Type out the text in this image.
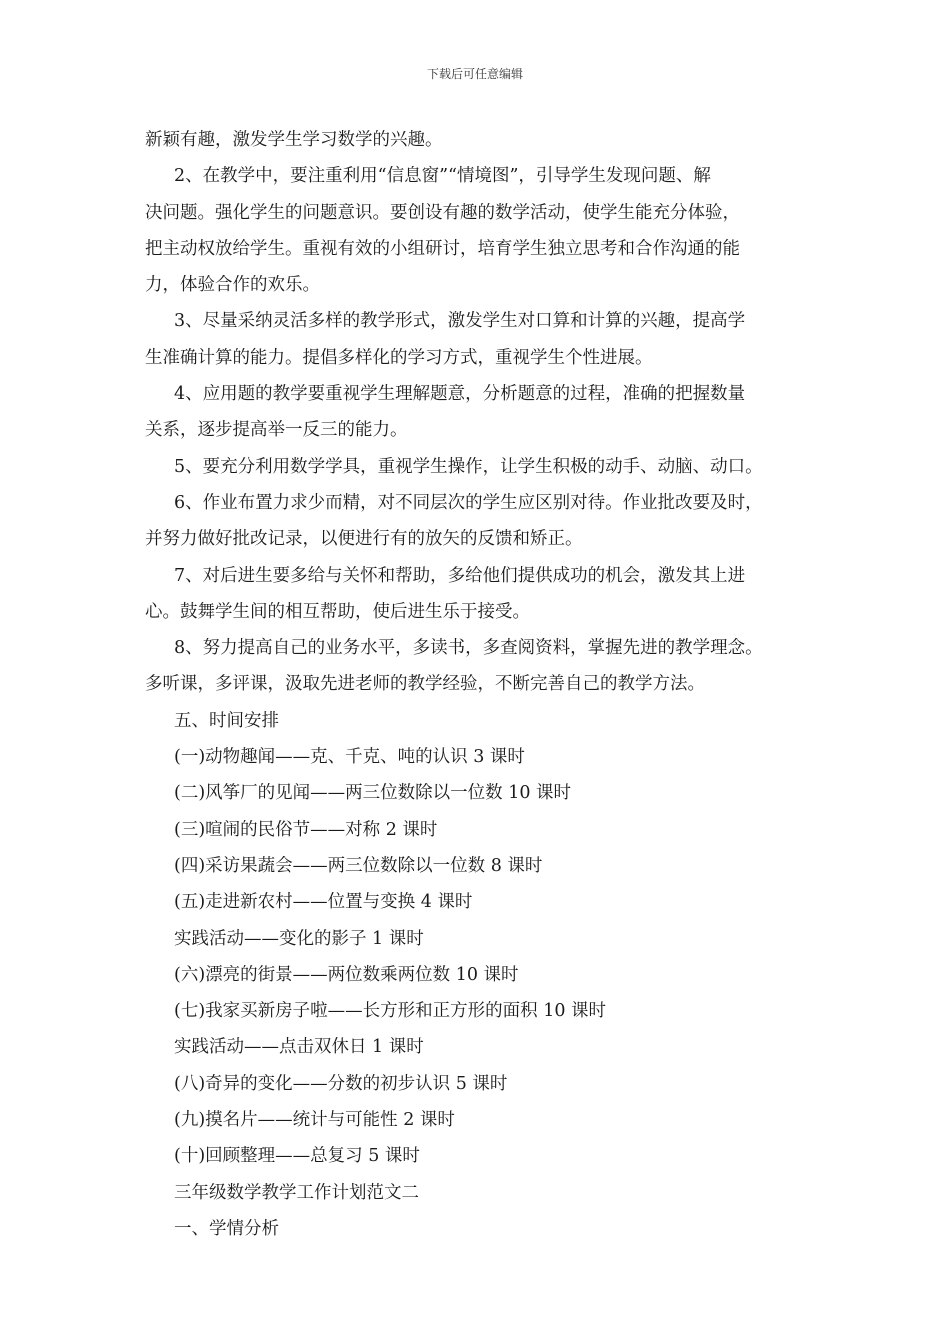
下载后可任意编辑
新颖有趣，激发学生学习数学的兴趣。
2、在教学中，要注重利用“信息窗”“情境图”，引导学生发现问题、解
决问题。强化学生的问题意识。要创设有趣的数学活动，使学生能充分体验，
把主动权放给学生。重视有效的小组研讨，培育学生独立思考和合作沟通的能
力，体验合作的欢乐。
3、尽量采纳灵活多样的教学形式，激发学生对口算和计算的兴趣，提高学
生准确计算的能力。提倡多样化的学习方式，重视学生个性进展。
4、应用题的教学要重视学生理解题意，分析题意的过程，准确的把握数量
关系，逐步提高举一反三的能力。
5、要充分利用数学学具，重视学生操作，让学生积极的动手、动脑、动口。
6、作业布置力求少而精，对不同层次的学生应区别对待。作业批改要及时，
并努力做好批改记录，以便进行有的放矢的反馈和矫正。
7、对后进生要多给与关怀和帮助，多给他们提供成功的机会，激发其上进
心。鼓舞学生间的相互帮助，使后进生乐于接受。
8、努力提高自己的业务水平，多读书，多查阅资料，掌握先进的教学理念。
多听课，多评课，汲取先进老师的教学经验，不断完善自己的教学方法。
五、时间安排
(一)动物趣闻——克、千克、吨的认识 3 课时
(二)风筝厂的见闻——两三位数除以一位数 10 课时
(三)喧闹的民俗节——对称 2 课时
(四)采访果蔬会——两三位数除以一位数 8 课时
(五)走进新农村——位置与变换 4 课时
实践活动——变化的影子 1 课时
(六)漂亮的街景——两位数乘两位数 10 课时
(七)我家买新房子啦——长方形和正方形的面积 10 课时
实践活动——点击双休日 1 课时
(八)奇异的变化——分数的初步认识 5 课时
(九)摸名片——统计与可能性 2 课时
(十)回顾整理——总复习 5 课时
三年级数学教学工作计划范文二
一、学情分析
